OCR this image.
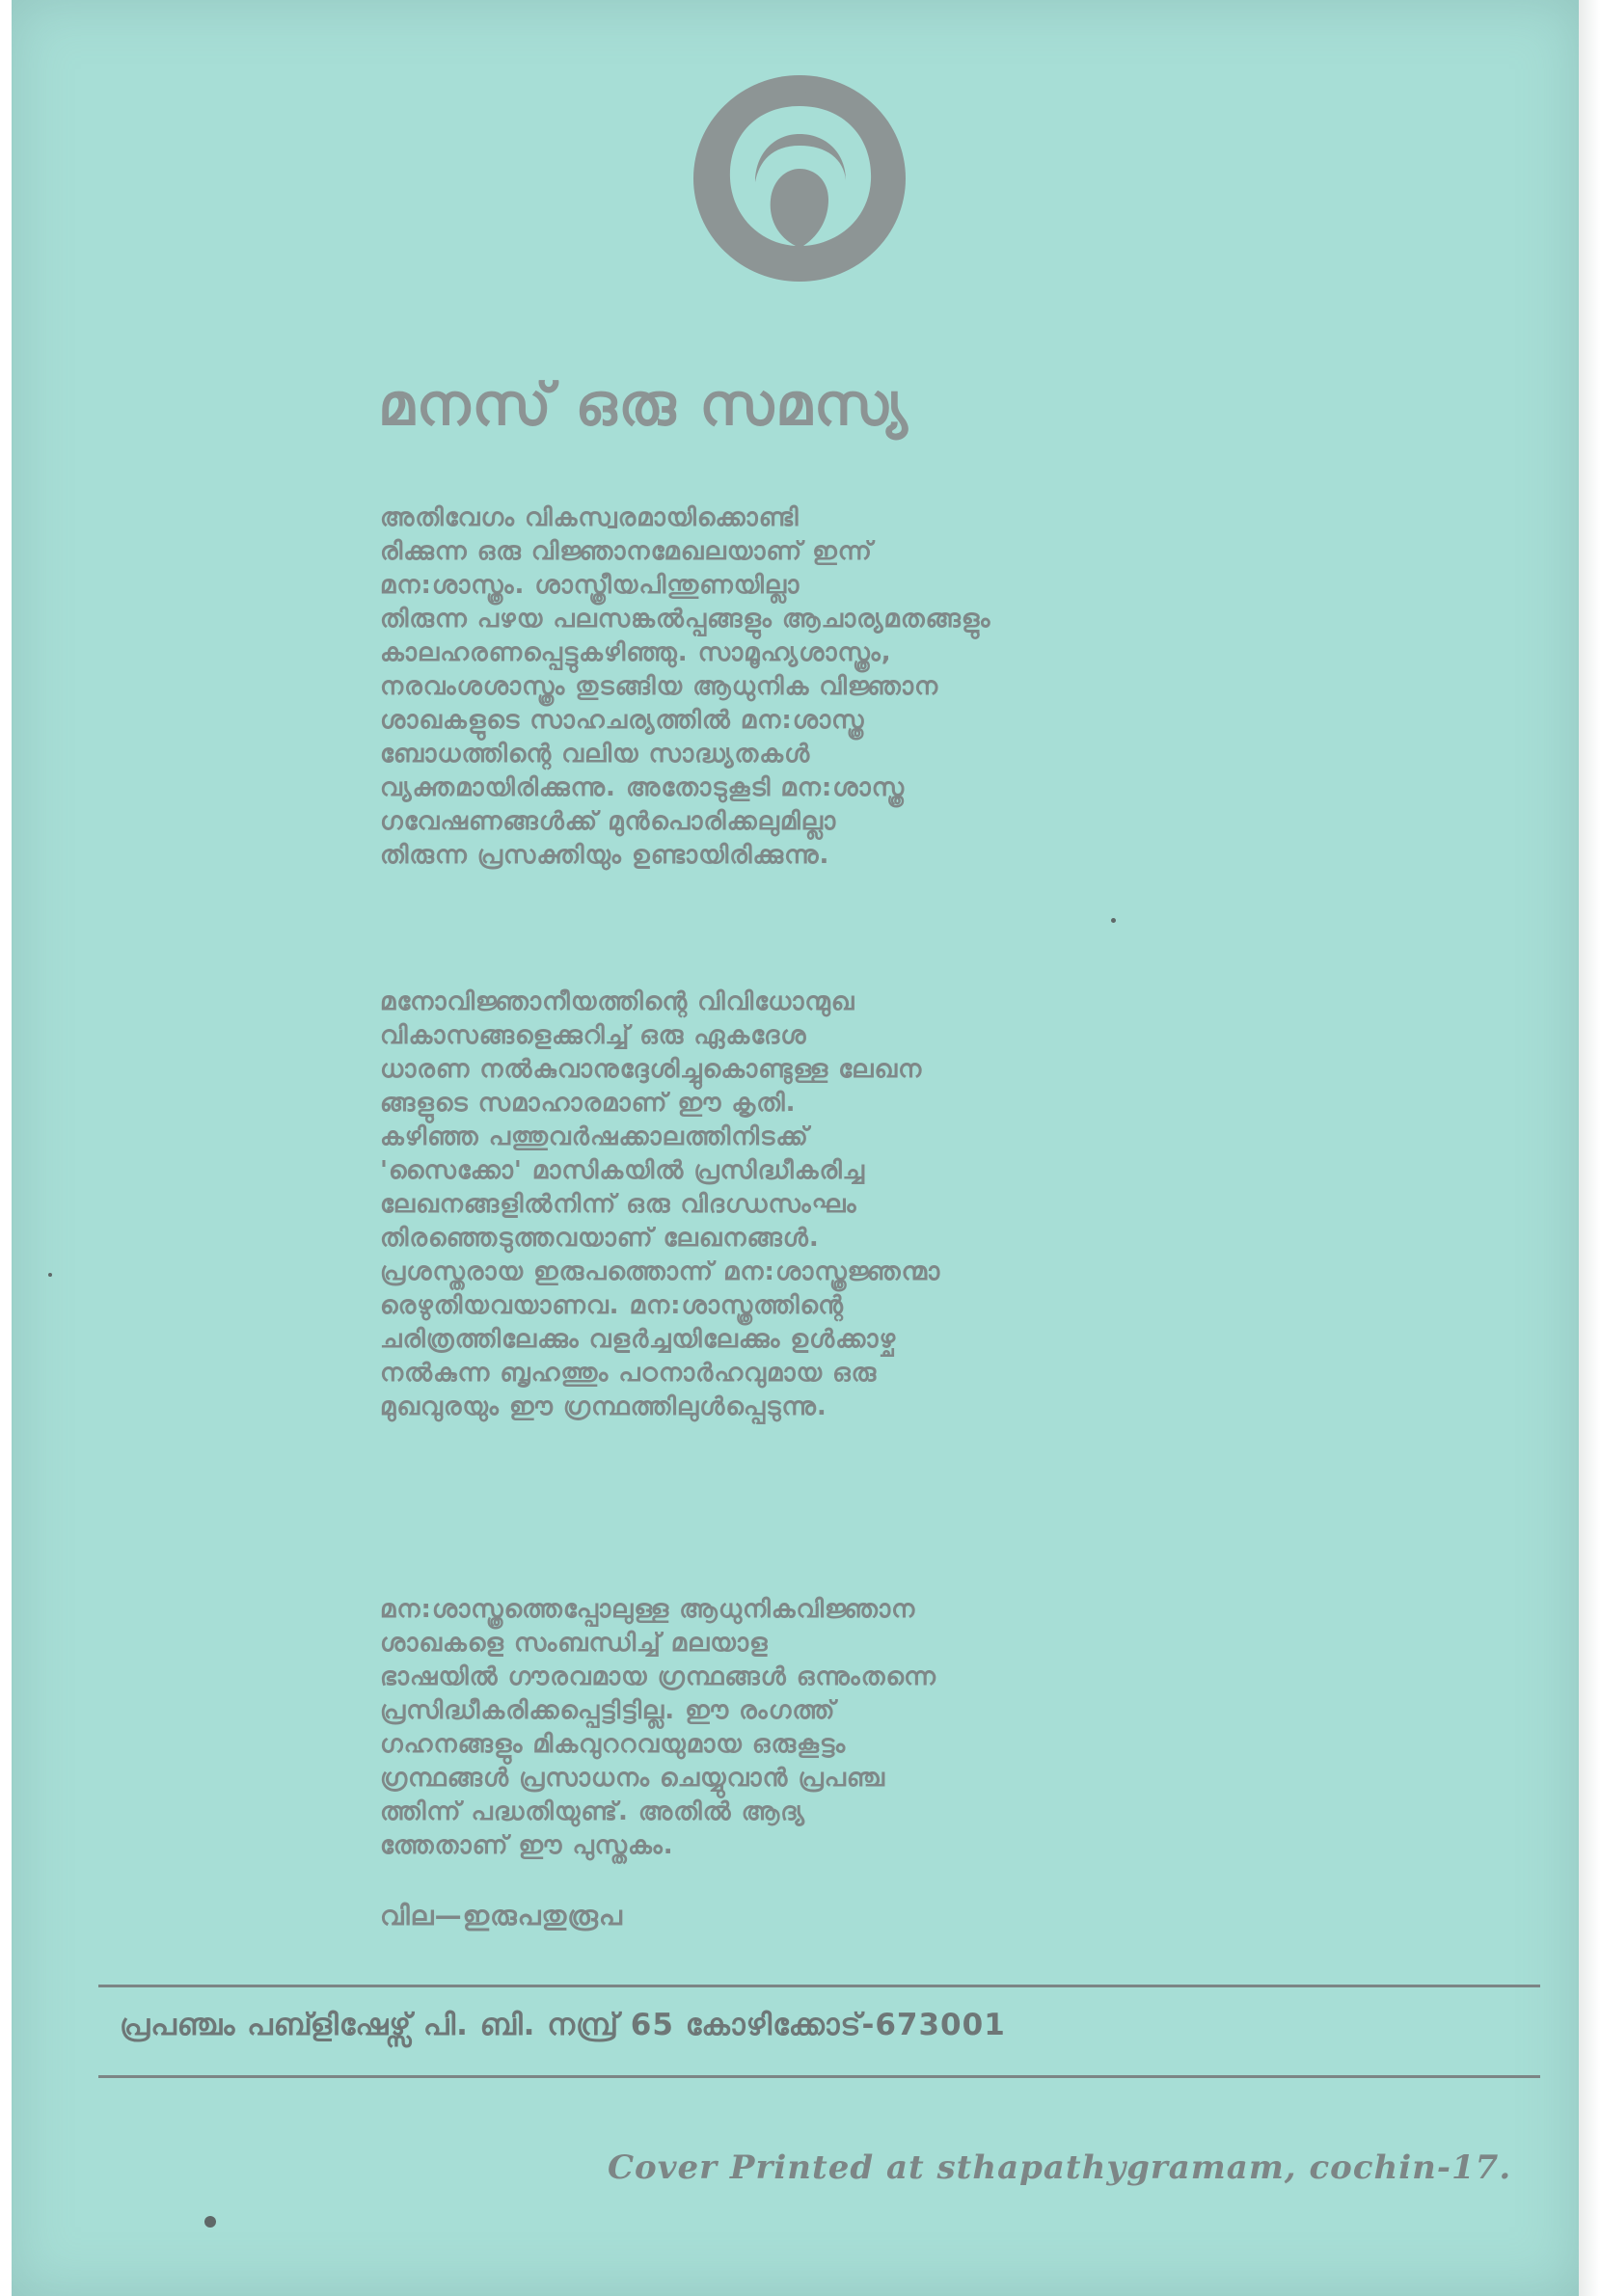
മനസ് ഒരു സമസ്യ
അതിവേഗം വികസ്വരമായിക്കൊണ്ടി
രിക്കുന്ന ഒരു വിജ്ഞാനമേഖലയാണ് ഇന്ന്
മന:ശാസ്ത്രം. ശാസ്ത്രീയപിന്തുണയില്ലാ
തിരുന്ന പഴയ പലസങ്കൽപ്പങ്ങളും ആചാര്യമതങ്ങളും
കാലഹരണപ്പെട്ടുകഴിഞ്ഞു. സാമൂഹ്യശാസ്ത്രം,
നരവംശശാസ്ത്രം തുടങ്ങിയ ആധുനിക വിജ്ഞാന
ശാഖകളുടെ സാഹചര്യത്തിൽ മന:ശാസ്ത്ര
ബോധത്തിന്റെ വലിയ സാദ്ധ്യതകൾ
വ്യക്തമായിരിക്കുന്നു. അതോടുകൂടി മന:ശാസ്ത്ര
ഗവേഷണങ്ങൾക്ക് മുൻപൊരിക്കലുമില്ലാ
തിരുന്ന പ്രസക്തിയും ഉണ്ടായിരിക്കുന്നു.
മനോവിജ്ഞാനീയത്തിന്റെ വിവിധോന്മുഖ
വികാസങ്ങളെക്കുറിച്ച് ഒരു ഏകദേശ
ധാരണ നൽകുവാനുദ്ദേശിച്ചുകൊണ്ടുള്ള ലേഖന
ങ്ങളുടെ സമാഹാരമാണ് ഈ കൃതി.
കഴിഞ്ഞ പത്തുവർഷക്കാലത്തിനിടക്ക്
'സൈക്കോ' മാസികയിൽ പ്രസിദ്ധീകരിച്ച
ലേഖനങ്ങളിൽനിന്ന് ഒരു വിദഗ്ധസംഘം
തിരഞ്ഞെടുത്തവയാണ് ലേഖനങ്ങൾ.
പ്രശസ്തരായ ഇരുപത്തൊന്ന് മന:ശാസ്ത്രജ്ഞന്മാ
രെഴുതിയവയാണവ. മന:ശാസ്ത്രത്തിന്റെ
ചരിത്രത്തിലേക്കും വളർച്ചയിലേക്കും ഉൾക്കാഴ്ച
നൽകുന്ന ബൃഹത്തും പഠനാർഹവുമായ ഒരു
മുഖവുരയും ഈ ഗ്രന്ഥത്തിലുൾപ്പെടുന്നു.
മന:ശാസ്ത്രത്തെപ്പോലുള്ള ആധുനികവിജ്ഞാന
ശാഖകളെ സംബന്ധിച്ച് മലയാള
ഭാഷയിൽ ഗൗരവമായ ഗ്രന്ഥങ്ങൾ ഒന്നുംതന്നെ
പ്രസിദ്ധീകരിക്കപ്പെട്ടിട്ടില്ല. ഈ രംഗത്ത്
ഗഹനങ്ങളും മികവുററവയുമായ ഒരുകൂട്ടം
ഗ്രന്ഥങ്ങൾ പ്രസാധനം ചെയ്യുവാൻ പ്രപഞ്ച
ത്തിന്ന് പദ്ധതിയുണ്ട്. അതിൽ ആദ്യ
ത്തേതാണ് ഈ പുസ്തകം.
വില—ഇരുപതുരൂപ
പ്രപഞ്ചം പബ്ളിഷേഴ്സ് പി. ബി. നമ്പ്ര് 65 കോഴിക്കോട്-673001
Cover Printed at sthapathygramam, cochin-17.
